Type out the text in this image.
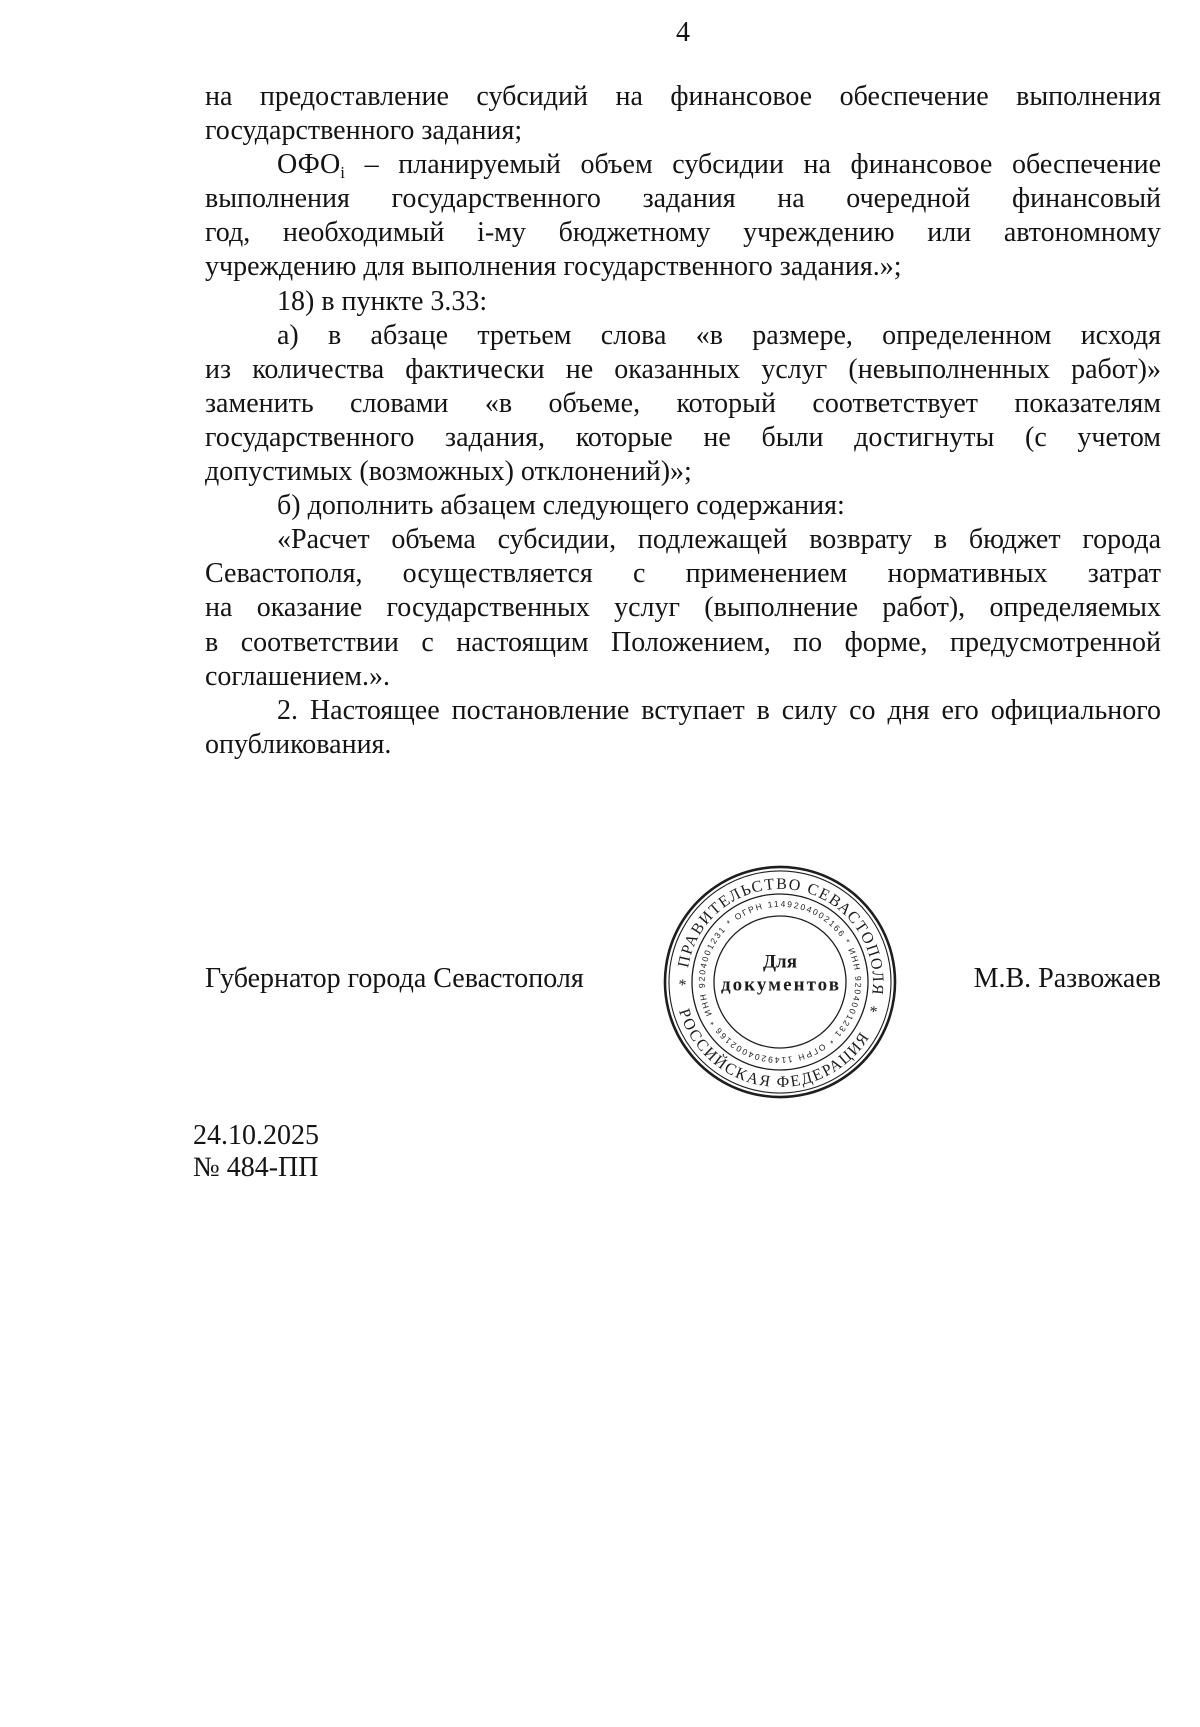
4
на предоставление субсидий на финансовое обеспечение выполнения
государственного задания;
$ОФО_i$ – планируемый объем субсидии на финансовое обеспечение
выполнения государственного задания на очередной финансовый
год, необходимый i-му бюджетному учреждению или автономному
учреждению для выполнения государственного задания.»;
18) в пункте 3.33:
а) в абзаце третьем слова «в размере, определенном исходя
из количества фактически не оказанных услуг (невыполненных работ)»
заменить словами «в объеме, который соответствует показателям
государственного задания, которые не были достигнуты (с учетом
допустимых (возможных) отклонений)»;
б) дополнить абзацем следующего содержания:
«Расчет объема субсидии, подлежащей возврату в бюджет города
Севастополя, осуществляется с применением нормативных затрат
на оказание государственных услуг (выполнение работ), определяемых
в соответствии с настоящим Положением, по форме, предусмотренной
соглашением.».
2. Настоящее постановление вступает в силу со дня его официального
опубликования.
Губернатор города Севастополя
ПРАВИТЕЛЬСТВО СЕВАСТОПОЛЯ
РОССИЙСКАЯ ФЕДЕРАЦИЯ
*
*
ОГРН 1149204002166 * ИНН 9204001231 * ОГРН 1149204002166 * ИНН 9204001231 *
Для
документов	М.В. Развожаев
24.10.2025
№ 484-ПП
